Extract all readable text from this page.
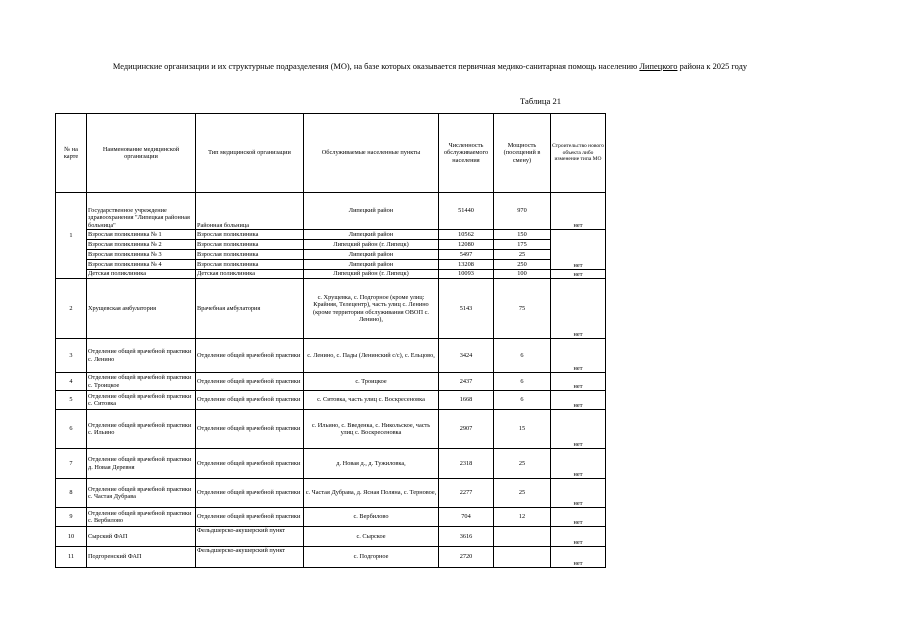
Медицинские организации и их структурные подразделения (МО), на базе которых оказывается первичная медико-санитарная помощь населению Липецкого района к 2025 году
Таблица 21
№ на карте	Наименование медицинской организации	Тип медицинской организации	Обслуживаемые населенные пункты	Численность обслуживаемого населения	Мощность (посещений в смену)	Строительство нового объекта либо изменение типа МО
1	Государственное учреждение здравоохранения "Липецкая районная больница"	Районная больница	Липецкий район	51440	970	нет
	Взрослая поликлиника № 1	Взрослая поликлиника	Липецкий район	10562	150	нет
	Взрослая поликлиника № 2	Взрослая поликлиника	Липецкий район (г. Липецк)	12080	175	
	Взрослая поликлиника № 3	Взрослая поликлиника	Липецкий район	5497	25	
	Взрослая поликлиника № 4	Взрослая поликлиника	Липецкий район	13208	250	
	Детская поликлиника	Детская поликлиника	Липецкий район (г. Липецк)	10093	100	нет
2	Хрущевская амбулатория	Врачебная амбулатория	с. Хрущевка, с. Подгорное (кроме улиц: Крайняя, Телецентр), часть улиц с. Ленино (кроме территории обслуживания ОВОП с. Ленино),	5143	75	нет
3	Отделение общей врачебной практики с. Ленино	Отделение общей врачебной практики	с. Ленино, с. Пады (Ленинский с/с), с. Ельцово,	3424	6	нет
4	Отделение общей врачебной практики с. Троицкое	Отделение общей врачебной практики	с. Троицкое	2437	6	нет
5	Отделение общей врачебной практики с. Ситовка	Отделение общей врачебной практики	с. Ситовка, часть улиц с. Воскресеновка	1668	6	нет
6	Отделение общей врачебной практики с. Ильино	Отделение общей врачебной практики	с. Ильино, с. Введенка, с. Никольское, часть улиц с. Воскресеновка	2907	15	нет
7	Отделение общей врачебной практики д. Новая Деревня	Отделение общей врачебной практики	д. Новая д., д. Тужиловка,	2318	25	нет
8	Отделение общей врачебной практики с. Частая Дубрава	Отделение общей врачебной практики	с. Частая Дубрава, д. Ясная Поляна, с. Терновое,	2277	25	нет
9	Отделение общей врачебной практики с. Вербилово	Отделение общей врачебной практики	с. Вербилово	704	12	нет
10	Сырский ФАП	Фельдшерско-акушерский пункт	с. Сырское	3616		нет
11	Подгоренский ФАП	Фельдшерско-акушерский пункт	с. Подгорное	2720		нет
